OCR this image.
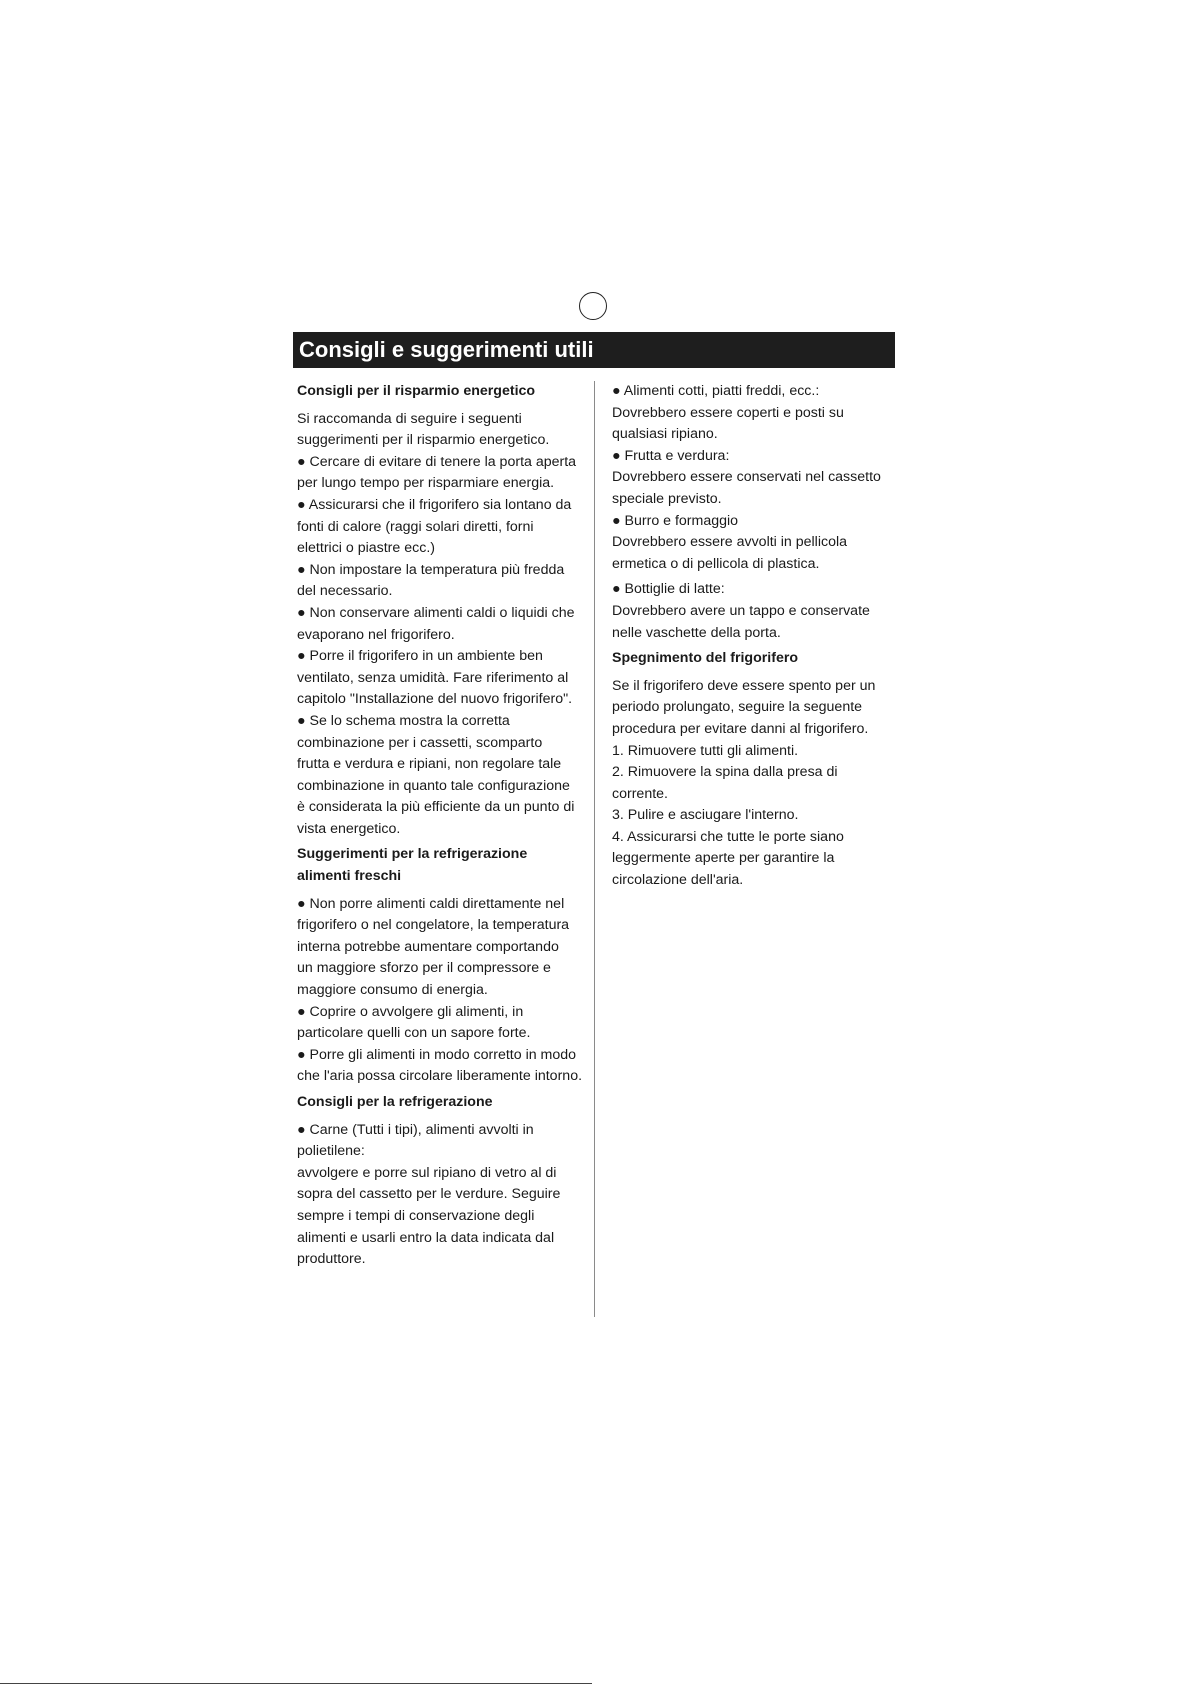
Consigli e suggerimenti utili
Consigli per il risparmio energetico
Si raccomanda di seguire i seguenti
suggerimenti per il risparmio energetico.
● Cercare di evitare di tenere la porta aperta
per lungo tempo per risparmiare energia.
● Assicurarsi che il frigorifero sia lontano da
fonti di calore (raggi solari diretti, forni
elettrici o piastre ecc.)
● Non impostare la temperatura più fredda
del necessario.
● Non conservare alimenti caldi o liquidi che
evaporano nel frigorifero.
● Porre il frigorifero in un ambiente ben
ventilato, senza umidità. Fare riferimento al
capitolo "Installazione del nuovo frigorifero".
● Se lo schema mostra la corretta
combinazione per i cassetti, scomparto
frutta e verdura e ripiani, non regolare tale
combinazione in quanto tale configurazione
è considerata la più efficiente da un punto di
vista energetico.
Suggerimenti per la refrigerazione
alimenti freschi
● Non porre alimenti caldi direttamente nel
frigorifero o nel congelatore, la temperatura
interna potrebbe aumentare comportando
un maggiore sforzo per il compressore e
maggiore consumo di energia.
● Coprire o avvolgere gli alimenti, in
particolare quelli con un sapore forte.
● Porre gli alimenti in modo corretto in modo
che l'aria possa circolare liberamente intorno.
Consigli per la refrigerazione
● Carne (Tutti i tipi), alimenti avvolti in
polietilene:
avvolgere e porre sul ripiano di vetro al di
sopra del cassetto per le verdure. Seguire
sempre i tempi di conservazione degli
alimenti e usarli entro la data indicata dal
produttore.
● Alimenti cotti, piatti freddi, ecc.:
Dovrebbero essere coperti e posti su
qualsiasi ripiano.
● Frutta e verdura:
Dovrebbero essere conservati nel cassetto
speciale previsto.
● Burro e formaggio
Dovrebbero essere avvolti in pellicola
ermetica o di pellicola di plastica.
● Bottiglie di latte:
Dovrebbero avere un tappo e conservate
nelle vaschette della porta.
Spegnimento del frigorifero
Se il frigorifero deve essere spento per un
periodo prolungato, seguire la seguente
procedura per evitare danni al frigorifero.
1. Rimuovere tutti gli alimenti.
2. Rimuovere la spina dalla presa di
corrente.
3. Pulire e asciugare l'interno.
4. Assicurarsi che tutte le porte siano
leggermente aperte per garantire la
circolazione dell'aria.
